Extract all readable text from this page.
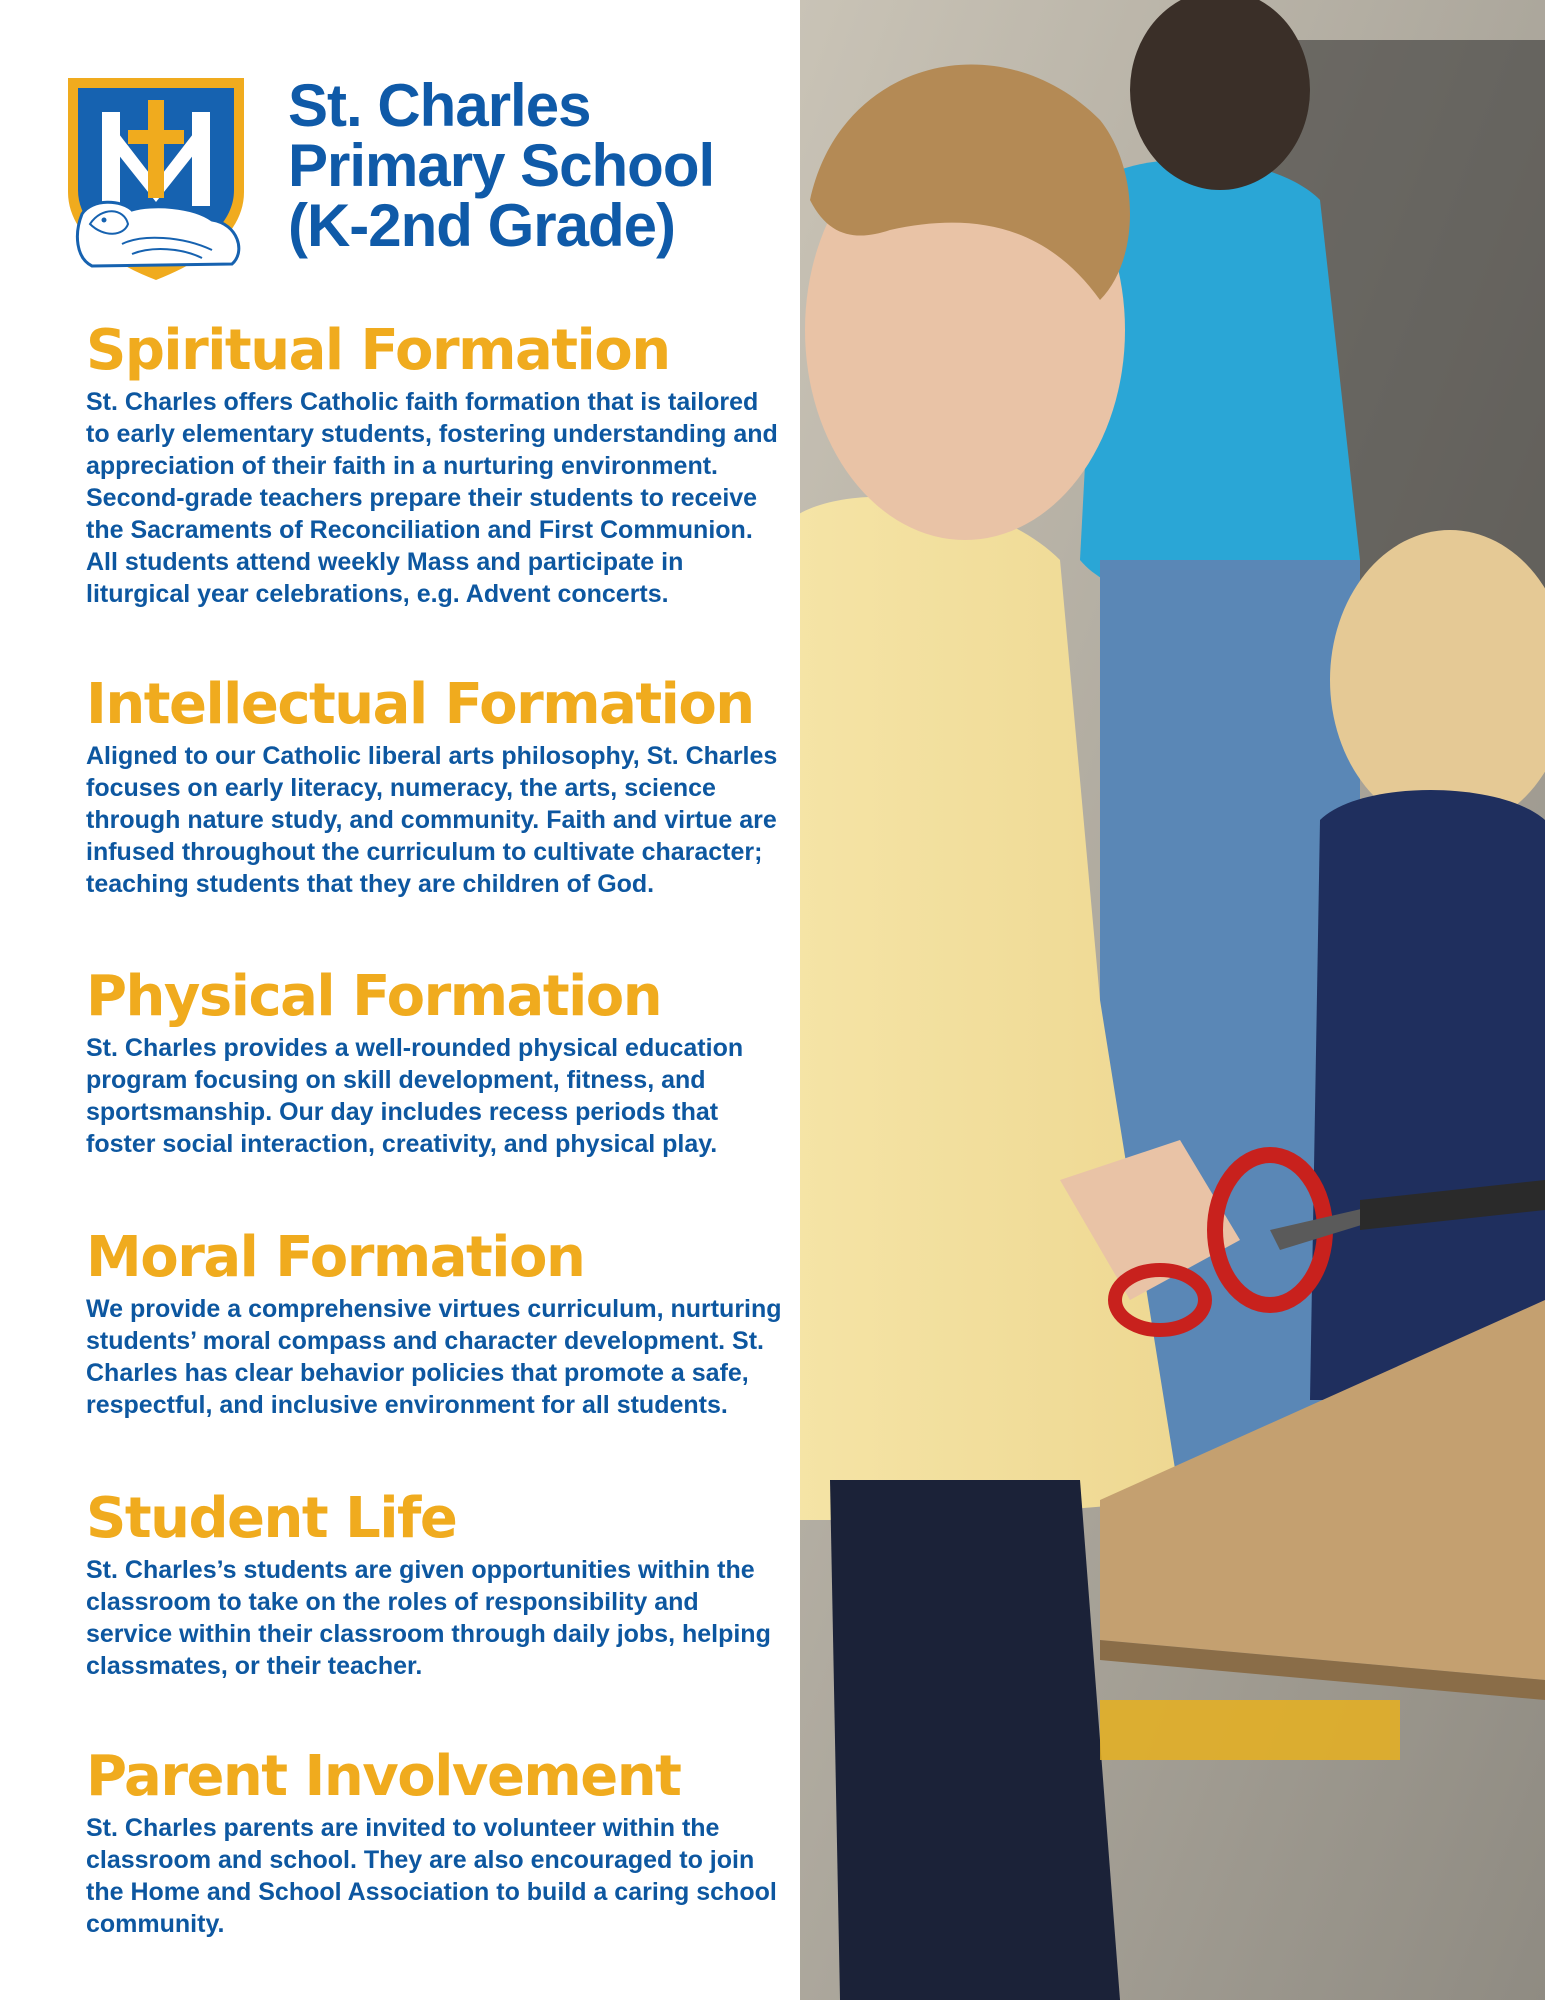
St. Charles
Primary School
(K-2nd Grade)
Spiritual Formation

St. Charles offers Catholic faith formation that is tailored to early elementary students, fostering understanding and appreciation of their faith in a nurturing environment. Second-grade teachers prepare their students to receive the Sacraments of Reconciliation and First Communion. All students attend weekly Mass and participate in liturgical year celebrations, e.g. Advent concerts.

Intellectual Formation

Aligned to our Catholic liberal arts philosophy, St. Charles focuses on early literacy, numeracy, the arts, science through nature study, and community. Faith and virtue are infused throughout the curriculum to cultivate character; teaching students that they are children of God.

Physical Formation

St. Charles provides a well-rounded physical education program focusing on skill development, fitness, and sportsmanship. Our day includes recess periods that foster social interaction, creativity, and physical play.

Moral Formation

We provide a comprehensive virtues curriculum, nurturing students’ moral compass and character development. St. Charles has clear behavior policies that promote a safe, respectful, and inclusive environment for all students.

Student Life

St. Charles’s students are given opportunities within the classroom to take on the roles of responsibility and service within their classroom through daily jobs, helping classmates, or their teacher.

Parent Involvement

St. Charles parents are invited to volunteer within the classroom and school. They are also encouraged to join the Home and School Association to build a caring school community.
